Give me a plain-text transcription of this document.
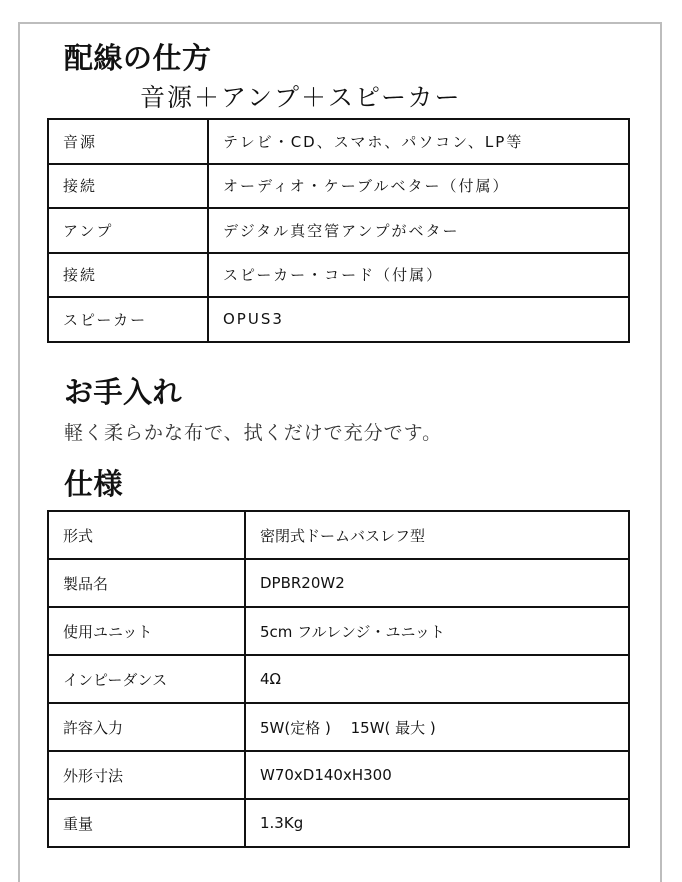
配線の仕方
音源＋アンプ＋スピーカー
音源	テレビ・CD、スマホ、パソコン、LP等
接続	オーディオ・ケーブルベター（付属）
アンプ	デジタル真空管アンプがベター
接続	スピーカー・コード（付属）
スピーカー	OPUS3
お手入れ
軽く柔らかな布で、拭くだけで充分です。
仕様
形式	密閉式ドームバスレフ型
製品名	DPBR20W2
使用ユニット	5cm フルレンジ・ユニット
インピーダンス	4Ω
許容入力	5W(定格 )　 15W( 最大 )
外形寸法	W70xD140xH300
重量	1.3Kg
